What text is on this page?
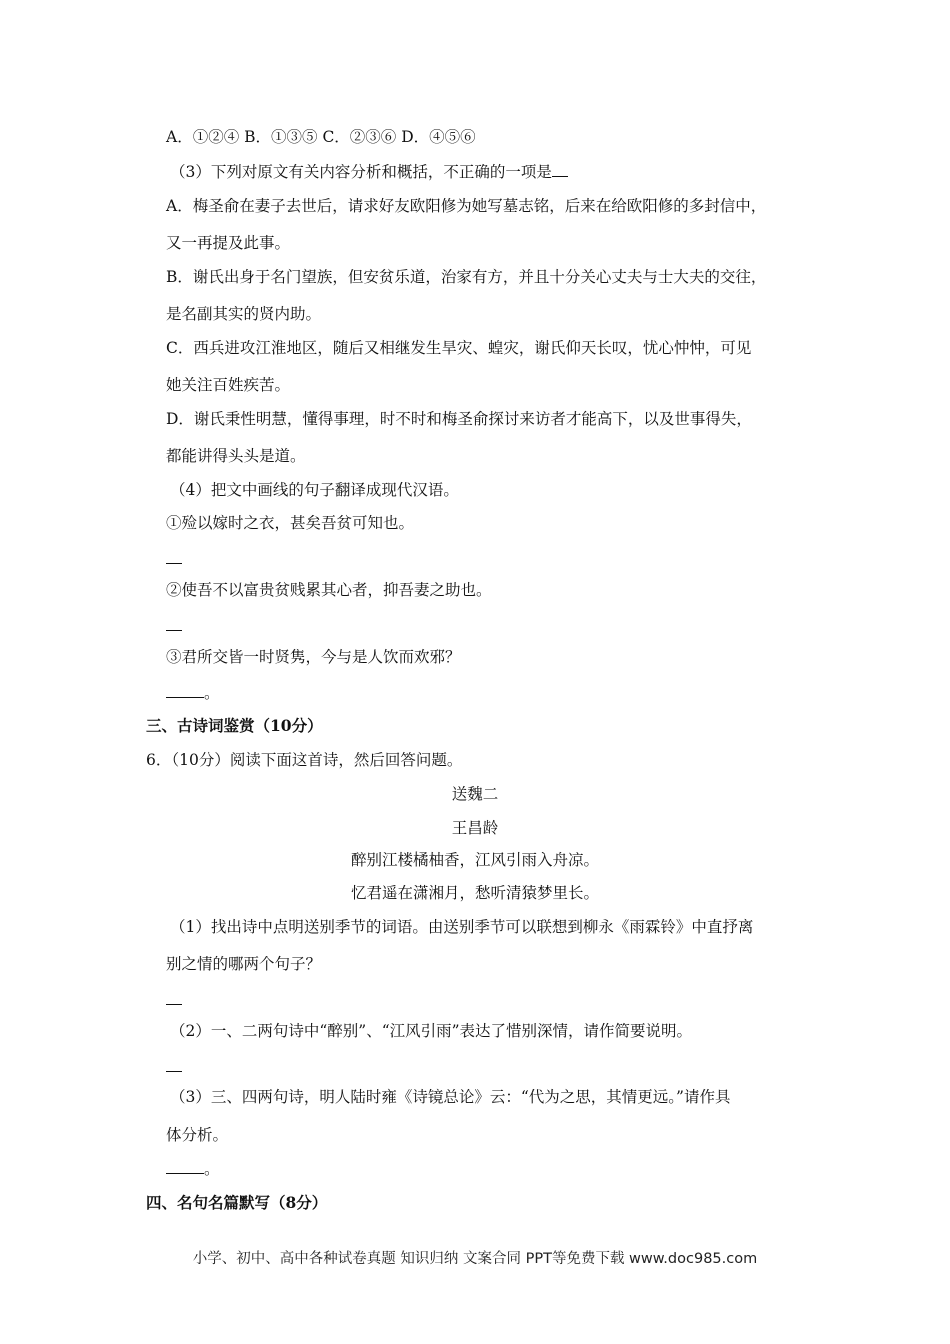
A．①②④ B．①③⑤ C．②③⑥ D．④⑤⑥
（3）下列对原文有关内容分析和概括，不正确的一项是
A．梅圣俞在妻子去世后，请求好友欧阳修为她写墓志铭，后来在给欧阳修的多封信中，
又一再提及此事。
B．谢氏出身于名门望族，但安贫乐道，治家有方，并且十分关心丈夫与士大夫的交往，
是名副其实的贤内助。
C．西兵进攻江淮地区，随后又相继发生旱灾、蝗灾，谢氏仰天长叹，忧心忡忡，可见
她关注百姓疾苦。
D．谢氏秉性明慧，懂得事理，时不时和梅圣俞探讨来访者才能高下，以及世事得失，
都能讲得头头是道。
（4）把文中画线的句子翻译成现代汉语。
①殓以嫁时之衣，甚矣吾贫可知也。
②使吾不以富贵贫贱累其心者，抑吾妻之助也。
③君所交皆一时贤隽，今与是人饮而欢邪？
。
三、古诗词鉴赏（10分）
6．（10分）阅读下面这首诗，然后回答问题。
送魏二
王昌龄
醉别江楼橘柚香，江风引雨入舟凉。
忆君遥在潇湘月，愁听清猿梦里长。
（1）找出诗中点明送别季节的词语。由送别季节可以联想到柳永《雨霖铃》中直抒离
别之情的哪两个句子？
（2）一、二两句诗中“醉别”、“江风引雨”表达了惜别深情，请作简要说明。
（3）三、四两句诗，明人陆时雍《诗镜总论》云：“代为之思，其情更远。”请作具
体分析。
。
四、名句名篇默写（8分）
小学、初中、高中各种试卷真题 知识归纳 文案合同 PPT等免费下载 www.doc985.com
